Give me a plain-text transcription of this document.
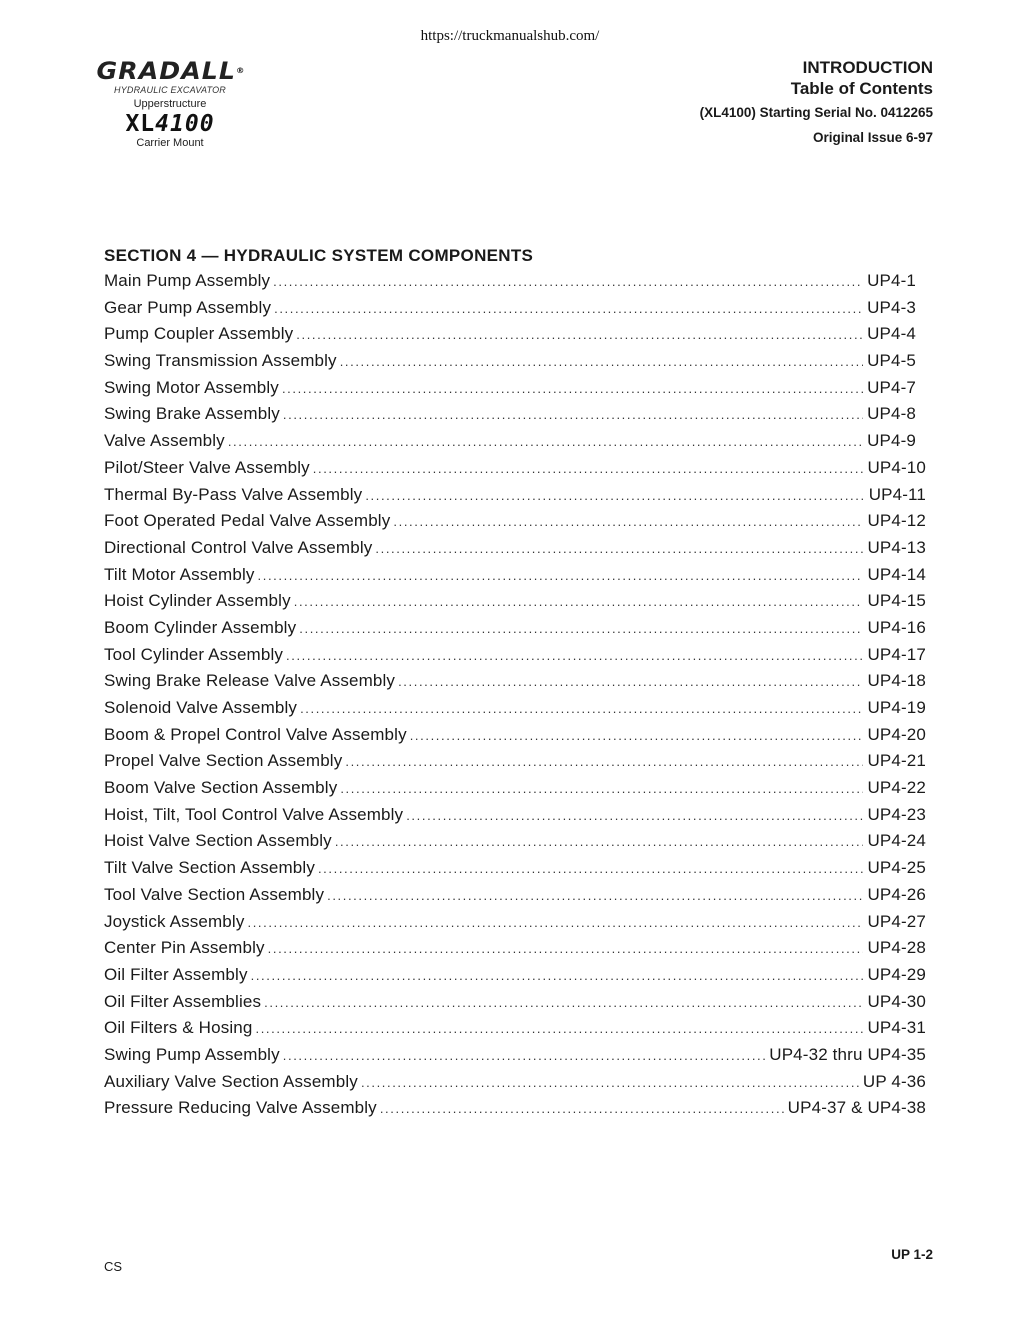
https://truckmanualshub.com/
GRADALL®
HYDRAULIC EXCAVATOR
Upperstructure
XL4100
Carrier Mount
INTRODUCTION
Table of Contents
(XL4100) Starting Serial No. 0412265
Original Issue 6-97
SECTION 4 — HYDRAULIC SYSTEM COMPONENTS
Main Pump Assembly .....	UP4-1
Gear Pump Assembly .....	UP4-3
Pump Coupler Assembly .....	UP4-4
Swing Transmission Assembly .....	UP4-5
Swing Motor Assembly .....	UP4-7
Swing Brake Assembly .....	UP4-8
Valve Assembly .....	UP4-9
Pilot/Steer Valve Assembly .....	UP4-10
Thermal By-Pass Valve Assembly .....	UP4-11
Foot Operated Pedal Valve Assembly .....	UP4-12
Directional Control Valve Assembly .....	UP4-13
Tilt Motor Assembly .....	UP4-14
Hoist Cylinder Assembly .....	UP4-15
Boom Cylinder Assembly .....	UP4-16
Tool Cylinder Assembly .....	UP4-17
Swing Brake Release Valve Assembly .....	UP4-18
Solenoid Valve Assembly .....	UP4-19
Boom & Propel Control Valve Assembly .....	UP4-20
Propel Valve Section Assembly .....	UP4-21
Boom Valve Section Assembly .....	UP4-22
Hoist, Tilt, Tool Control Valve Assembly .....	UP4-23
Hoist Valve Section Assembly .....	UP4-24
Tilt Valve Section Assembly .....	UP4-25
Tool Valve Section Assembly .....	UP4-26
Joystick Assembly .....	UP4-27
Center Pin Assembly .....	UP4-28
Oil Filter Assembly .....	UP4-29
Oil Filter Assemblies .....	UP4-30
Oil Filters & Hosing .....	UP4-31
Swing Pump Assembly .....	UP4-32 thru UP4-35
Auxiliary Valve Section Assembly .....	UP 4-36
Pressure Reducing Valve Assembly .....	UP4-37 & UP4-38
UP 1-2
CS
